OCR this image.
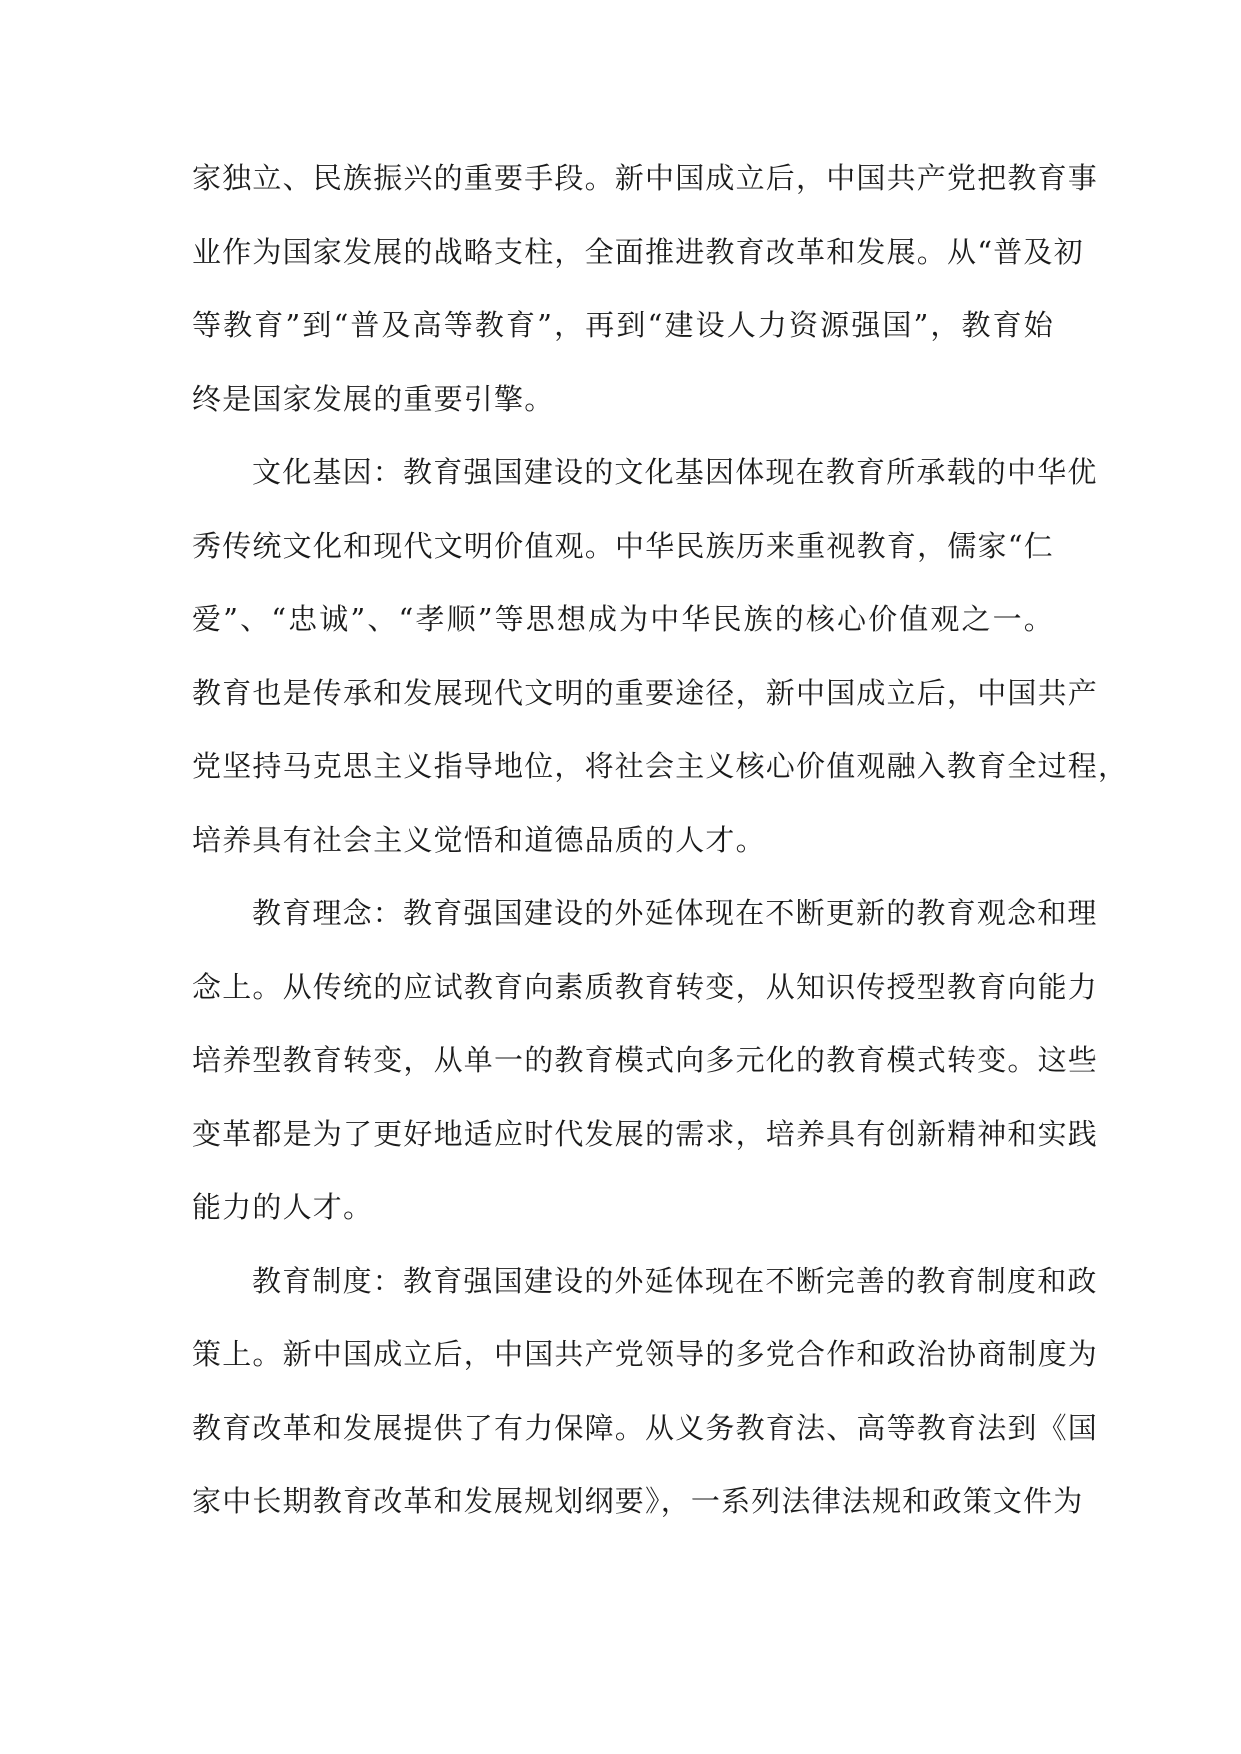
家独立、民族振兴的重要手段。新中国成立后，中国共产党把教育事
业作为国家发展的战略支柱，全面推进教育改革和发展。从“普及初
等教育”到“普及高等教育”，再到“建设人力资源强国”，教育始
终是国家发展的重要引擎。

文化基因：教育强国建设的文化基因体现在教育所承载的中华优
秀传统文化和现代文明价值观。中华民族历来重视教育，儒家“仁
爱”、“忠诚”、“孝顺”等思想成为中华民族的核心价值观之一。
教育也是传承和发展现代文明的重要途径，新中国成立后，中国共产
党坚持马克思主义指导地位，将社会主义核心价值观融入教育全过程，
培养具有社会主义觉悟和道德品质的人才。

教育理念：教育强国建设的外延体现在不断更新的教育观念和理
念上。从传统的应试教育向素质教育转变，从知识传授型教育向能力
培养型教育转变，从单一的教育模式向多元化的教育模式转变。这些
变革都是为了更好地适应时代发展的需求，培养具有创新精神和实践
能力的人才。

教育制度：教育强国建设的外延体现在不断完善的教育制度和政
策上。新中国成立后，中国共产党领导的多党合作和政治协商制度为
教育改革和发展提供了有力保障。从义务教育法、高等教育法到《国
家中长期教育改革和发展规划纲要》，一系列法律法规和政策文件为
